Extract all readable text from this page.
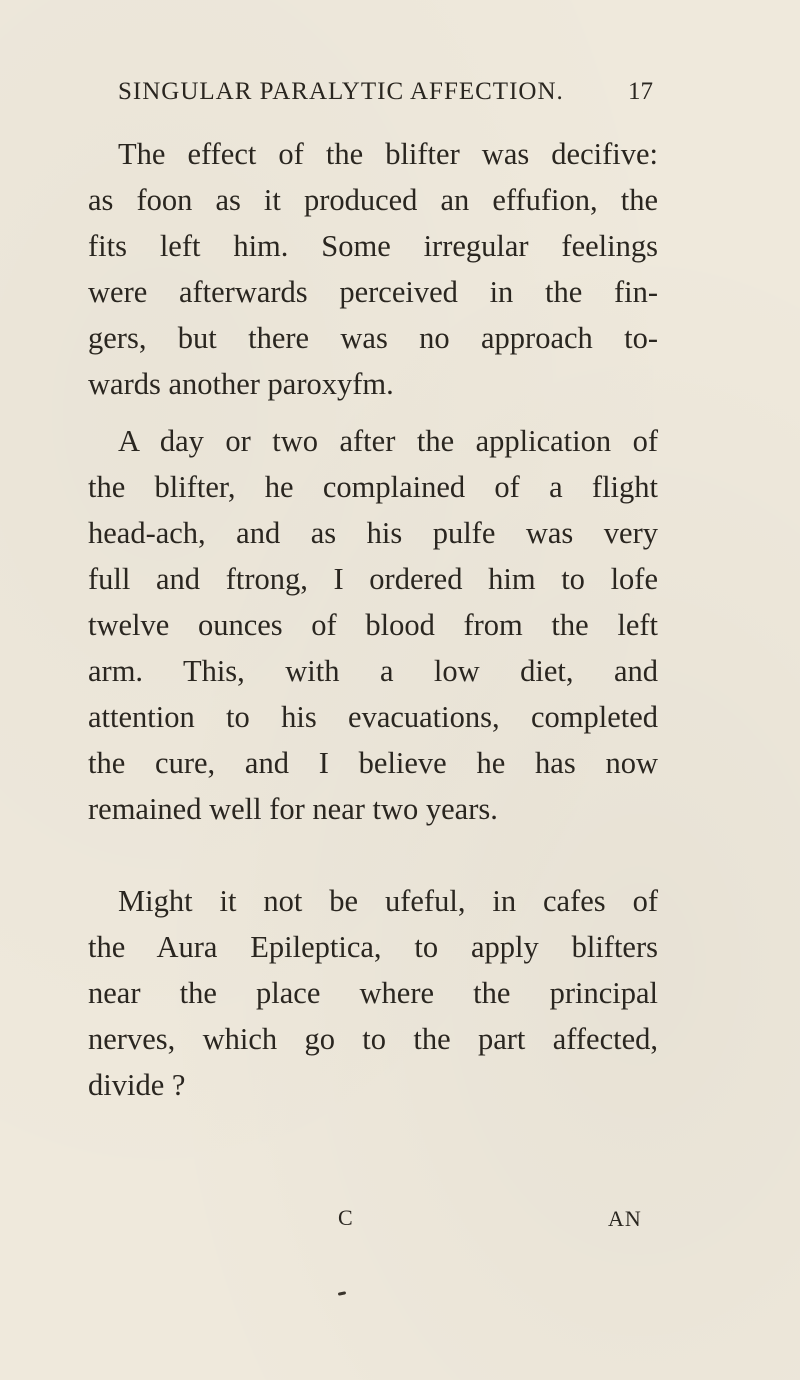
SINGULAR PARALYTIC AFFECTION.	17
The effect of the blifter was decifive:
as foon as it produced an effufion, the
fits left him. Some irregular feelings
were afterwards perceived in the fin-
gers, but there was no approach to-
wards another paroxyfm.
A day or two after the application of
the blifter, he complained of a flight
head-ach, and as his pulfe was very
full and ftrong, I ordered him to lofe
twelve ounces of blood from the left
arm. This, with a low diet, and
attention to his evacuations, completed
the cure, and I believe he has now
remained well for near two years.
Might it not be ufeful, in cafes of
the Aura Epileptica, to apply blifters
near the place where the principal
nerves, which go to the part affected,
divide ?
C	AN
